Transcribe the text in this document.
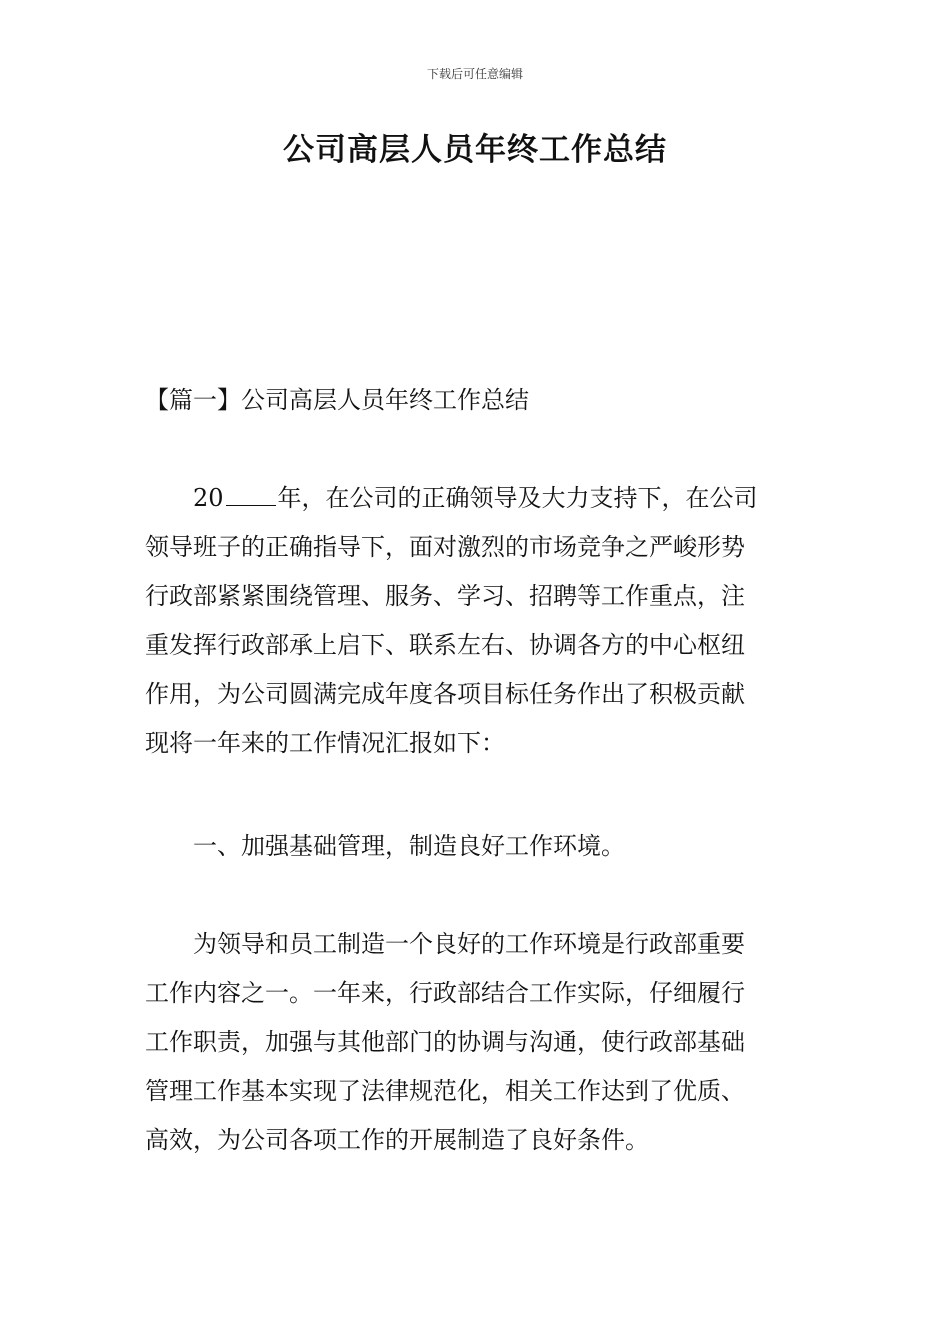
下载后可任意编辑
公司高层人员年终工作总结

【篇一】公司高层人员年终工作总结

20 年，在公司的正确领导及大力支持下，在公司
领导班子的正确指导下，面对激烈的市场竞争之严峻形势
行政部紧紧围绕管理、服务、学习、招聘等工作重点，注
重发挥行政部承上启下、联系左右、协调各方的中心枢纽
作用，为公司圆满完成年度各项目标任务作出了积极贡献
现将一年来的工作情况汇报如下：

一、加强基础管理，制造良好工作环境。

为领导和员工制造一个良好的工作环境是行政部重要
工作内容之一。一年来，行政部结合工作实际，仔细履行
工作职责，加强与其他部门的协调与沟通，使行政部基础
管理工作基本实现了法律规范化，相关工作达到了优质、
高效，为公司各项工作的开展制造了良好条件。
